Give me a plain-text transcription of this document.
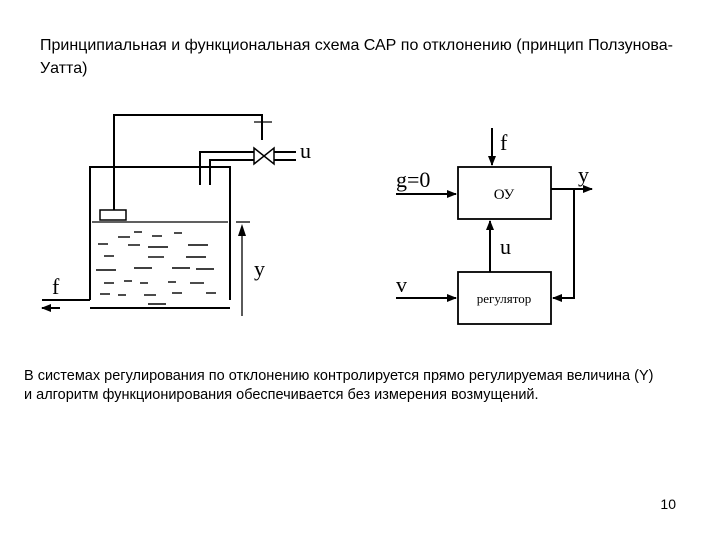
Принципиальная и функциональная схема САР по отклонению (принцип Ползунова-Уатта)
f
u
y
ОУ
регулятор
f
g=0	y
u
v
В системах регулирования по отклонению контролируется прямо регулируемая величина (Y) и алгоритм функционирования обеспечивается без измерения возмущений.
10
